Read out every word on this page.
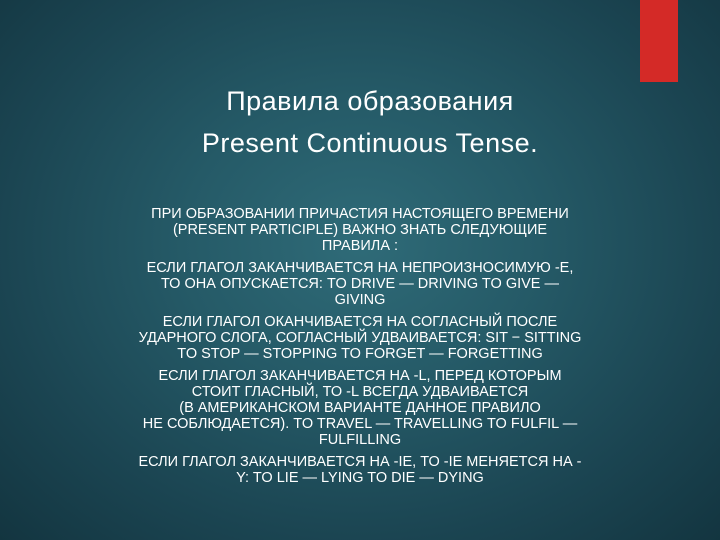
Правила образования
Present Continuous Tense.
ПРИ ОБРАЗОВАНИИ ПРИЧАСТИЯ НАСТОЯЩЕГО ВРЕМЕНИ
(PRESENT PARTICIPLE) ВАЖНО ЗНАТЬ СЛЕДУЮЩИЕ
ПРАВИЛА :
ЕСЛИ ГЛАГОЛ ЗАКАНЧИВАЕТСЯ НА НЕПРОИЗНОСИМУЮ -E,
ТО ОНА ОПУСКАЕТСЯ: TO DRIVE — DRIVING TO GIVE —
GIVING
ЕСЛИ ГЛАГОЛ ОКАНЧИВАЕТСЯ НА СОГЛАСНЫЙ ПОСЛЕ
УДАРНОГО СЛОГА, СОГЛАСНЫЙ УДВАИВАЕТСЯ: SIT − SITTING
TO STOP — STOPPING TO FORGET — FORGETTING
ЕСЛИ ГЛАГОЛ ЗАКАНЧИВАЕТСЯ НА -L, ПЕРЕД КОТОРЫМ
СТОИТ ГЛАСНЫЙ, ТО -L ВСЕГДА УДВАИВАЕТСЯ
(В АМЕРИКАНСКОМ ВАРИАНТЕ ДАННОЕ ПРАВИЛО
НЕ СОБЛЮДАЕТСЯ). TO TRAVEL — TRAVELLING TO FULFIL —
FULFILLING
ЕСЛИ ГЛАГОЛ ЗАКАНЧИВАЕТСЯ НА -IE, ТО -IE МЕНЯЕТСЯ НА -
Y: TO LIE — LYING TO DIE — DYING
